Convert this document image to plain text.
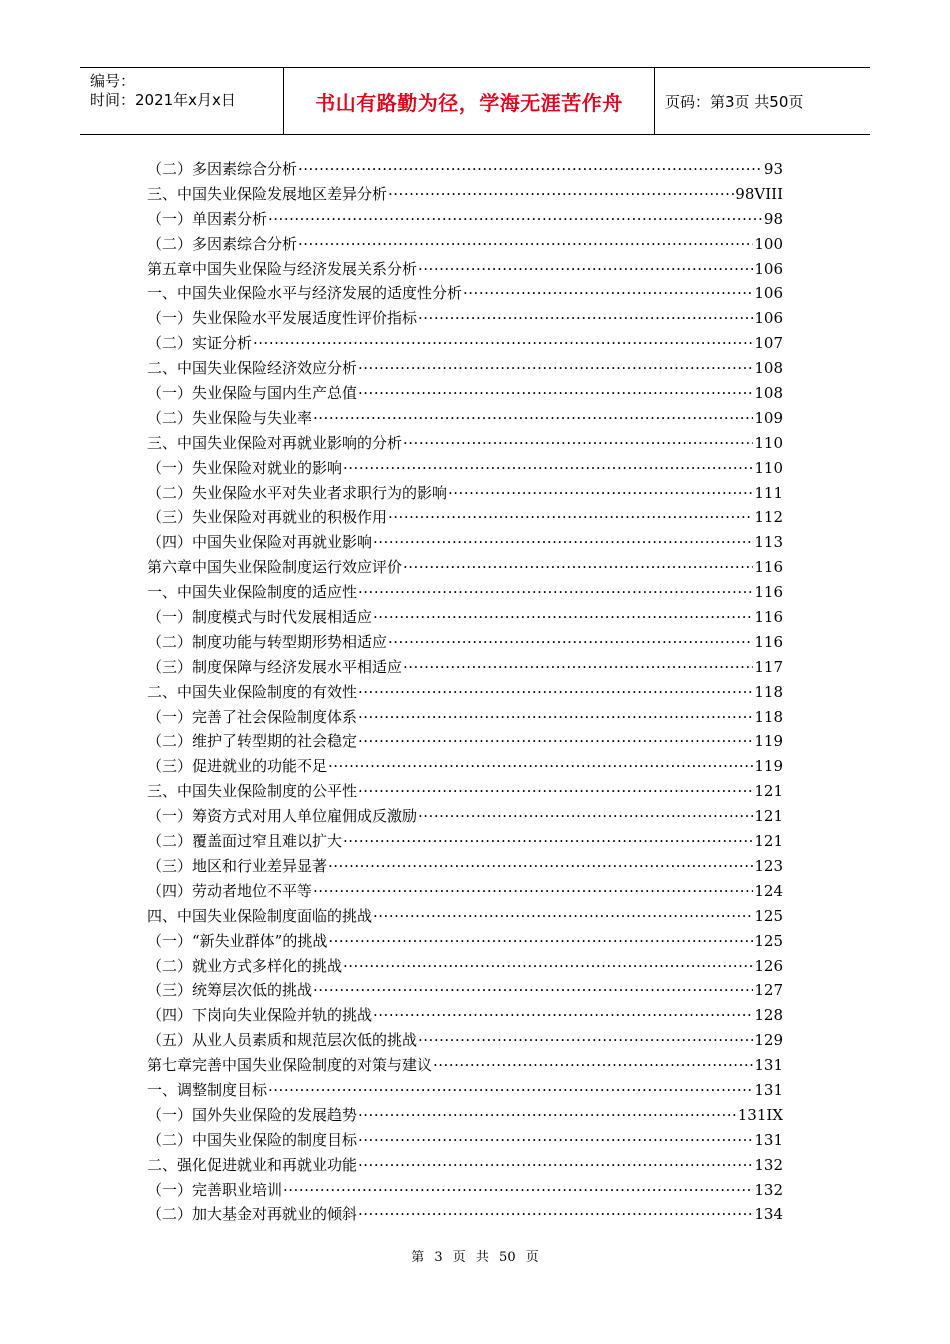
编号：
时间：2021年x月x日	书山有路勤为径，学海无涯苦作舟	页码：第3页 共50页
（二）多因素综合分析 ·····	93
三、中国失业保险发展地区差异分析 ·····	98VIII
（一）单因素分析 ·····	98
（二）多因素综合分析 ·····	100
第五章中国失业保险与经济发展关系分析 ·····	106
一、中国失业保险水平与经济发展的适度性分析 ·····	106
（一）失业保险水平发展适度性评价指标 ·····	106
（二）实证分析 ·····	107
二、中国失业保险经济效应分析 ·····	108
（一）失业保险与国内生产总值 ·····	108
（二）失业保险与失业率 ·····	109
三、中国失业保险对再就业影响的分析 ·····	110
（一）失业保险对就业的影响 ·····	110
（二）失业保险水平对失业者求职行为的影响 ·····	111
（三）失业保险对再就业的积极作用 ·····	112
（四）中国失业保险对再就业影响 ·····	113
第六章中国失业保险制度运行效应评价 ·····	116
一、中国失业保险制度的适应性 ·····	116
（一）制度模式与时代发展相适应 ·····	116
（二）制度功能与转型期形势相适应 ·····	116
（三）制度保障与经济发展水平相适应 ·····	117
二、中国失业保险制度的有效性 ·····	118
（一）完善了社会保险制度体系 ·····	118
（二）维护了转型期的社会稳定 ·····	119
（三）促进就业的功能不足 ·····	119
三、中国失业保险制度的公平性 ·····	121
（一）筹资方式对用人单位雇佣成反激励 ·····	121
（二）覆盖面过窄且难以扩大 ·····	121
（三）地区和行业差异显著 ·····	123
（四）劳动者地位不平等 ·····	124
四、中国失业保险制度面临的挑战 ·····	125
（一）“新失业群体”的挑战 ·····	125
（二）就业方式多样化的挑战 ·····	126
（三）统筹层次低的挑战 ·····	127
（四）下岗向失业保险并轨的挑战 ·····	128
（五）从业人员素质和规范层次低的挑战 ·····	129
第七章完善中国失业保险制度的对策与建议 ·····	131
一、调整制度目标 ·····	131
（一）国外失业保险的发展趋势 ·····	131IX
（二）中国失业保险的制度目标 ·····	131
二、强化促进就业和再就业功能 ·····	132
（一）完善职业培训 ·····	132
（二）加大基金对再就业的倾斜 ·····	134
第 3 页 共 50 页
